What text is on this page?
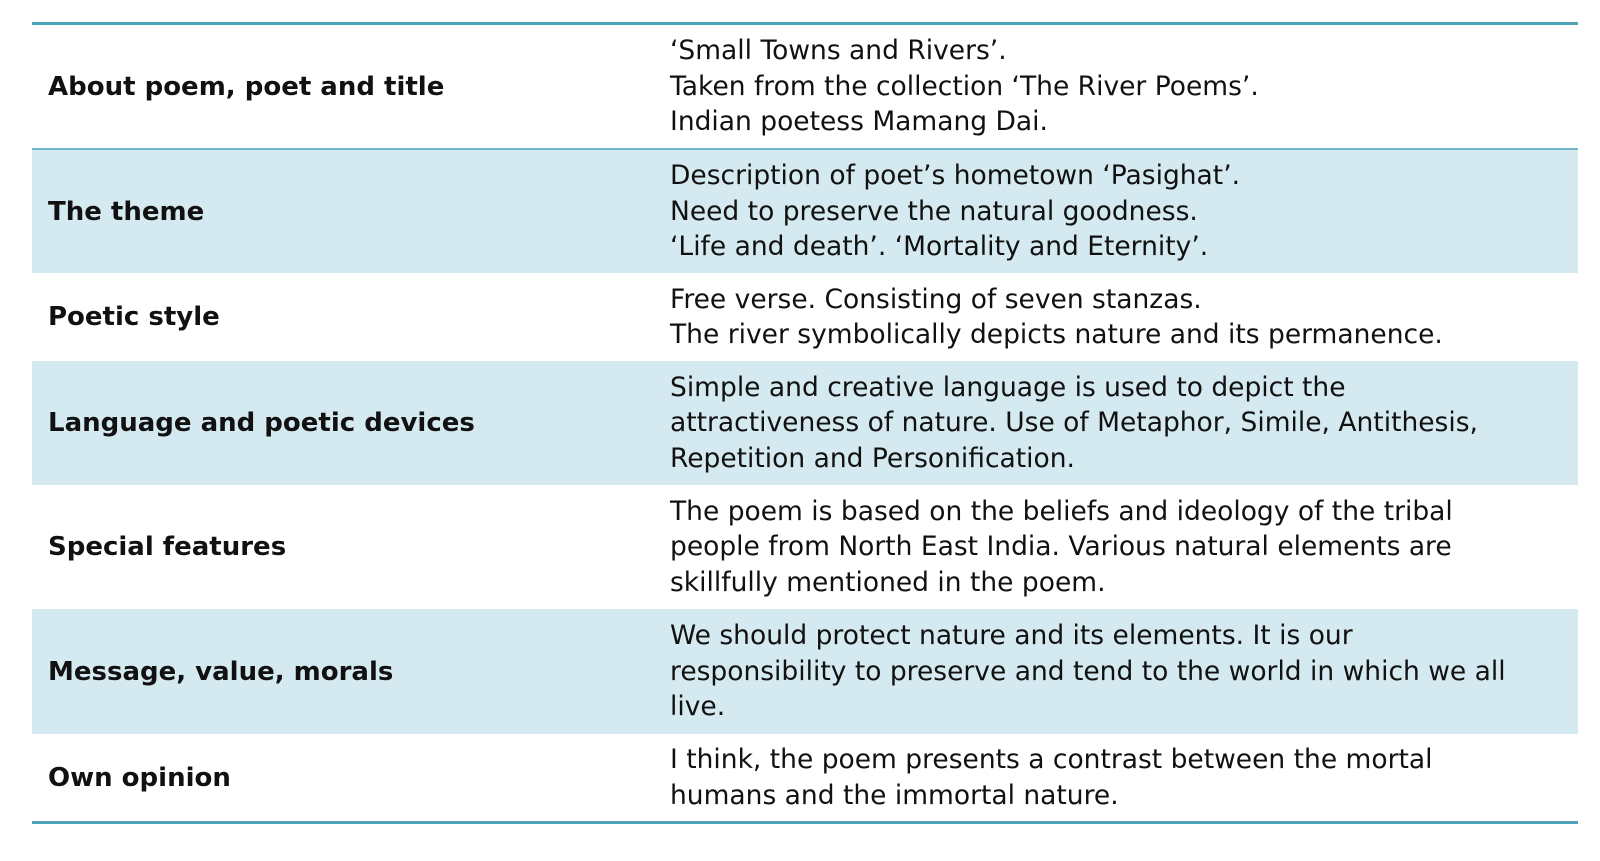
About poem, poet and title
‘Small Towns and Rivers’.
Taken from the collection ‘The River Poems’.
Indian poetess Mamang Dai.
The theme
Description of poet’s hometown ‘Pasighat’.
Need to preserve the natural goodness.
‘Life and death’. ‘Mortality and Eternity’.
Poetic style
Free verse. Consisting of seven stanzas.
The river symbolically depicts nature and its permanence.
Language and poetic devices
Simple and creative language is used to depict the
attractiveness of nature. Use of Metaphor, Simile, Antithesis,
Repetition and Personification.
Special features
The poem is based on the beliefs and ideology of the tribal
people from North East India. Various natural elements are
skillfully mentioned in the poem.
Message, value, morals
We should protect nature and its elements. It is our
responsibility to preserve and tend to the world in which we all
live.
Own opinion
I think, the poem presents a contrast between the mortal
humans and the immortal nature.
